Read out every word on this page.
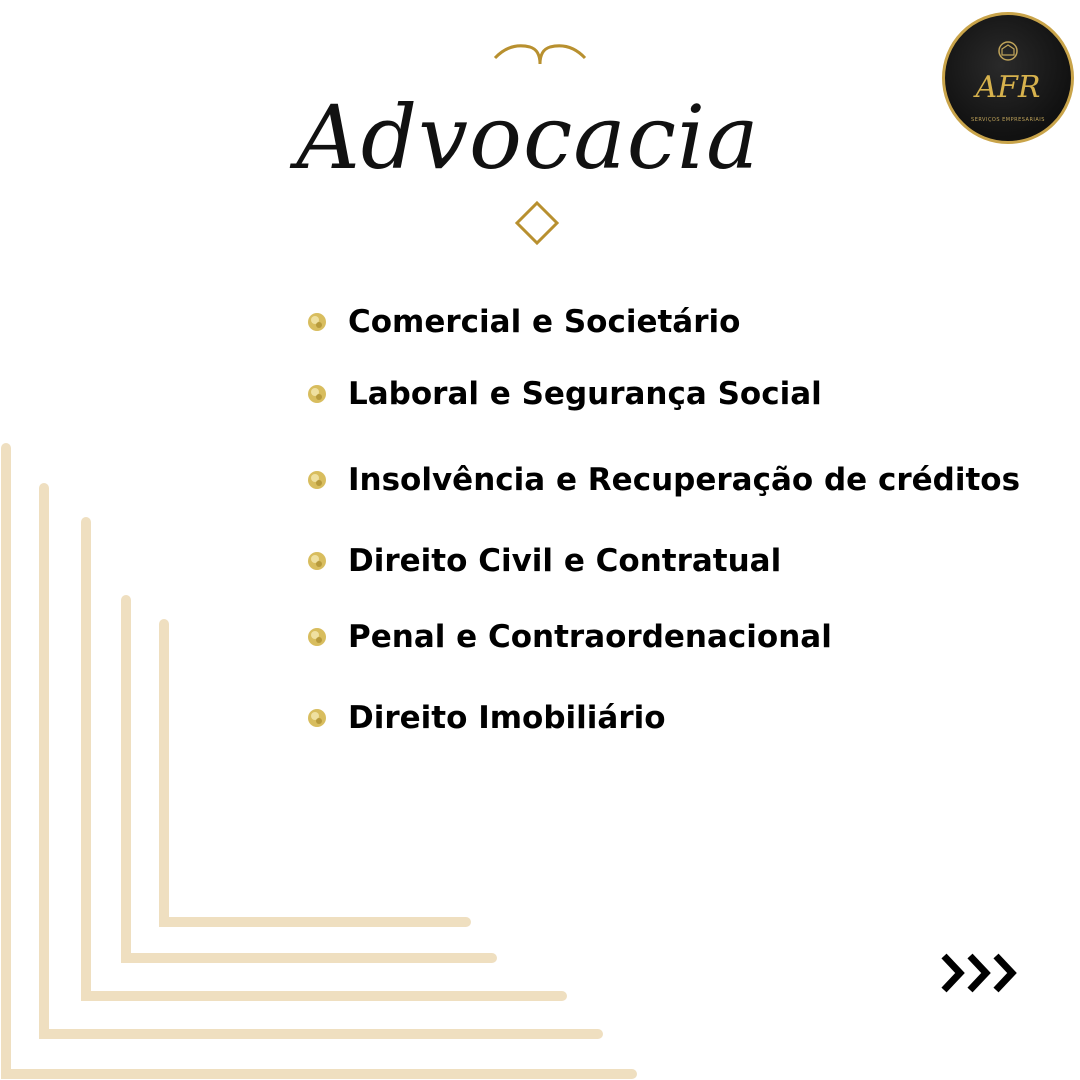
Advocacia	AFR
SERVIÇOS EMPRESARIAIS
Comercial e Societário
Laboral e Segurança Social
Insolvência e Recuperação de créditos
Direito Civil e Contratual
Penal e Contraordenacional
Direito Imobiliário
